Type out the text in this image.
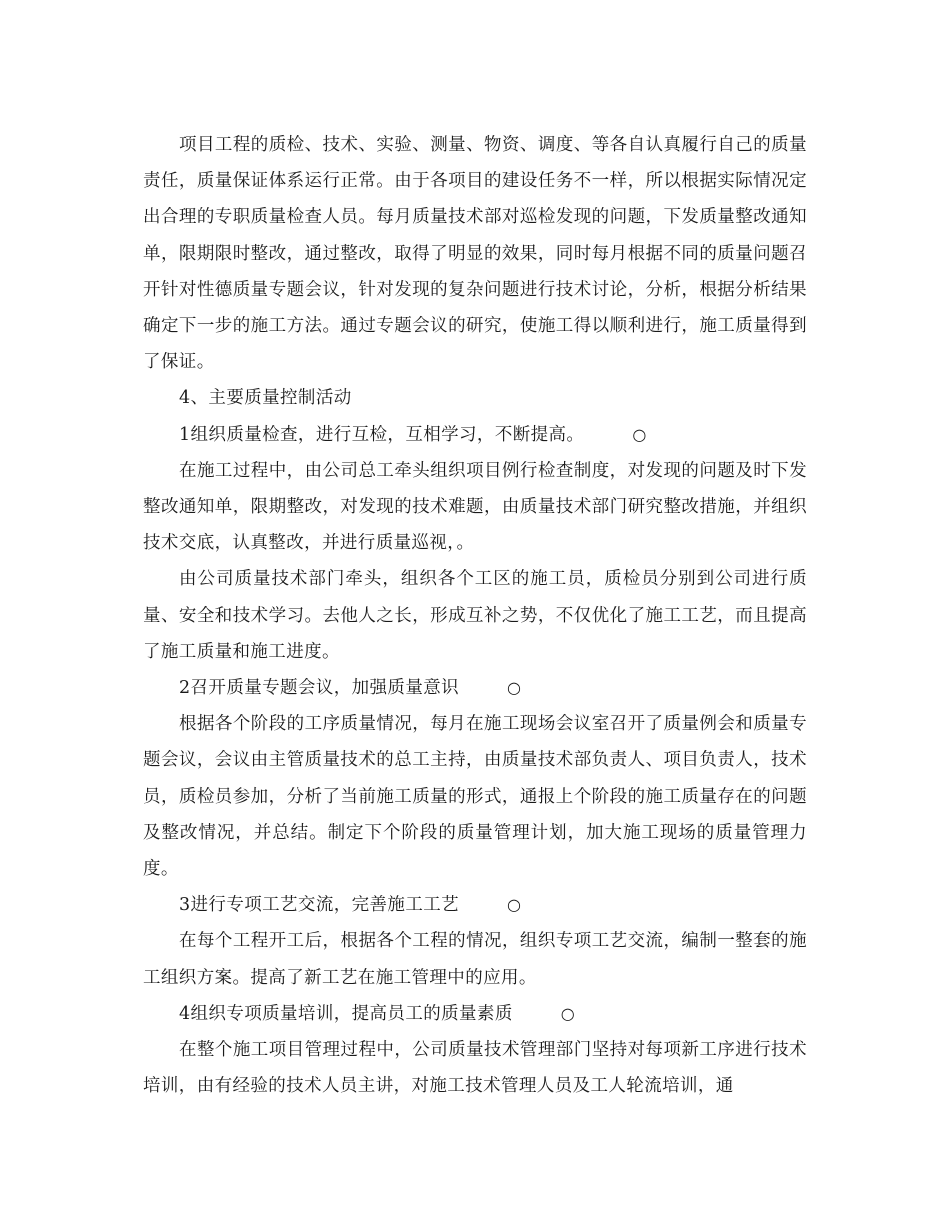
项目工程的质检、技术、实验、测量、物资、调度、等各自认真履行自己的质量责任，质量保证体系运行正常。由于各项目的建设任务不一样，所以根据实际情况定出合理的专职质量检查人员。每月质量技术部对巡检发现的问题，下发质量整改通知单，限期限时整改，通过整改，取得了明显的效果，同时每月根据不同的质量问题召开针对性德质量专题会议，针对发现的复杂问题进行技术讨论，分析，根据分析结果确定下一步的施工方法。通过专题会议的研究，使施工得以顺利进行，施工质量得到了保证。

4、主要质量控制活动

1组织质量检查，进行互检，互相学习，不断提高。	○

在施工过程中，由公司总工牵头组织项目例行检查制度，对发现的问题及时下发整改通知单，限期整改，对发现的技术难题，由质量技术部门研究整改措施，并组织技术交底，认真整改，并进行质量巡视，。

由公司质量技术部门牵头，组织各个工区的施工员，质检员分别到公司进行质量、安全和技术学习。去他人之长，形成互补之势，不仅优化了施工工艺，而且提高了施工质量和施工进度。

2召开质量专题会议，加强质量意识	○

根据各个阶段的工序质量情况，每月在施工现场会议室召开了质量例会和质量专题会议，会议由主管质量技术的总工主持，由质量技术部负责人、项目负责人，技术员，质检员参加，分析了当前施工质量的形式，通报上个阶段的施工质量存在的问题及整改情况，并总结。制定下个阶段的质量管理计划，加大施工现场的质量管理力度。

3进行专项工艺交流，完善施工工艺	○

在每个工程开工后，根据各个工程的情况，组织专项工艺交流，编制一整套的施工组织方案。提高了新工艺在施工管理中的应用。

4组织专项质量培训，提高员工的质量素质	○

在整个施工项目管理过程中，公司质量技术管理部门坚持对每项新工序进行技术培训，由有经验的技术人员主讲，对施工技术管理人员及工人轮流培训，通
